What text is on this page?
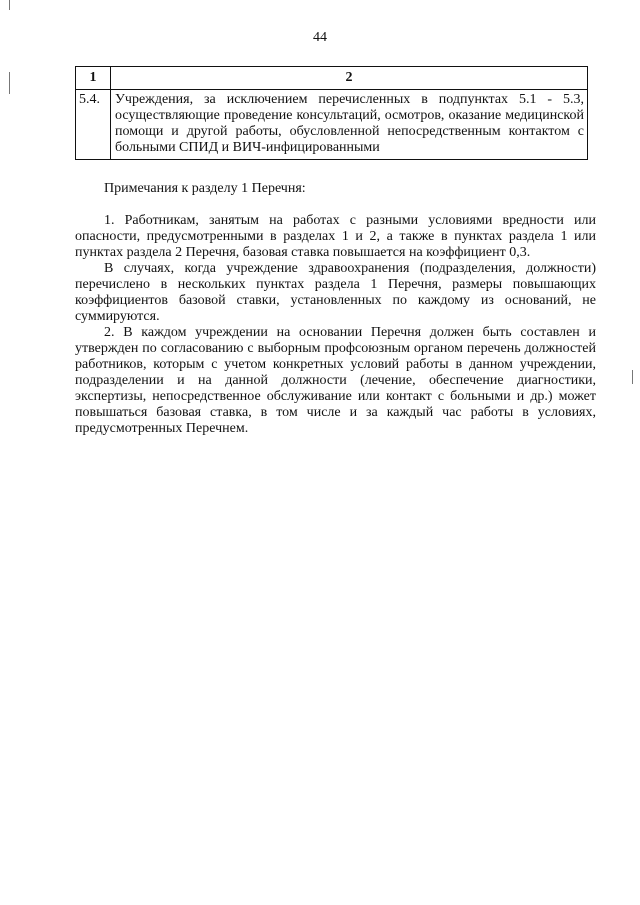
44
1	2
5.4.	Учреждения, за исключением перечисленных в подпунктах 5.1 - 5.3, осуществляющие проведение консультаций, осмотров, оказание медицинской помощи и другой работы, обусловленной непосредственным контактом с больными СПИД и ВИЧ-инфицированными
Примечания к разделу 1 Перечня:

1. Работникам, занятым на работах с разными условиями вредности или опасности, предусмотренными в разделах 1 и 2, а также в пунктах раздела 1 или пунктах раздела 2 Перечня, базовая ставка повышается на коэффициент 0,3.

В случаях, когда учреждение здравоохранения (подразделения, должности) перечислено в нескольких пунктах раздела 1 Перечня, размеры повышающих коэффициентов базовой ставки, установленных по каждому из оснований, не суммируются.

2. В каждом учреждении на основании Перечня должен быть составлен и утвержден по согласованию с выборным профсоюзным органом перечень должностей работников, которым с учетом конкретных условий работы в данном учреждении, подразделении и на данной должности (лечение, обеспечение диагностики, экспертизы, непосредственное обслуживание или контакт с больными и др.) может повышаться базовая ставка, в том числе и за каждый час работы в условиях, предусмотренных Перечнем.
